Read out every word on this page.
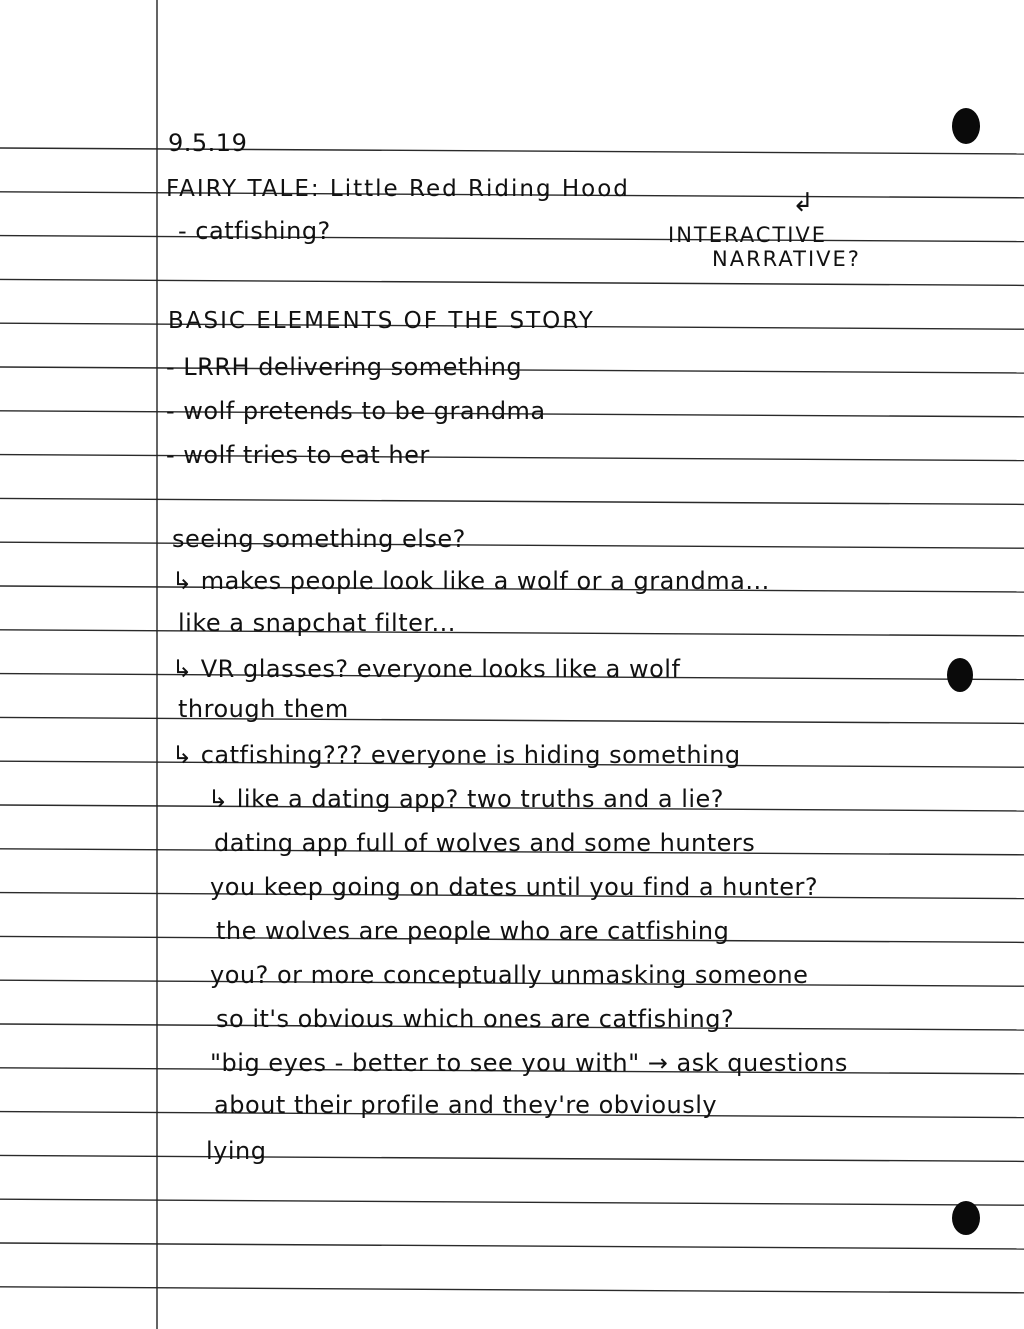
9.5.19
FAIRY TALE: Little Red Riding Hood
- catfishing?
↲
INTERACTIVE
NARRATIVE?
BASIC ELEMENTS OF THE STORY
- LRRH delivering something
- wolf pretends to be grandma
- wolf tries to eat her
seeing something else?
↳ makes people look like a wolf or a grandma...
like a snapchat filter...
↳ VR glasses? everyone looks like a wolf
through them
↳ catfishing??? everyone is hiding something
↳ like a dating app? two truths and a lie?
dating app full of wolves and some hunters
you keep going on dates until you find a hunter?
the wolves are people who are catfishing
you? or more conceptually unmasking someone
so it's obvious which ones are catfishing?
"big eyes - better to see you with" → ask questions
about their profile and they're obviously
lying
